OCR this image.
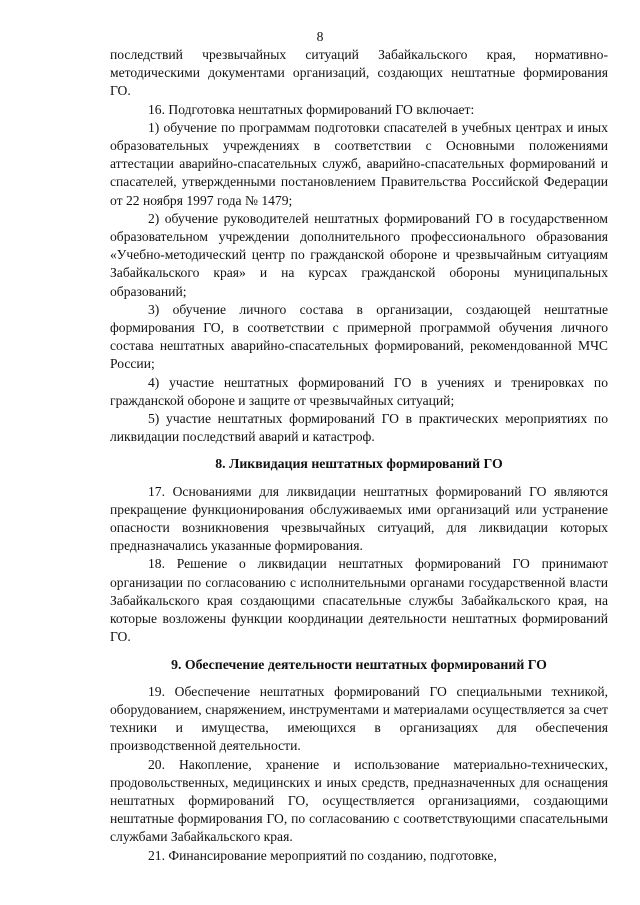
8

последствий чрезвычайных ситуаций Забайкальского края, нормативно-методическими документами организаций, создающих нештатные формирования ГО.

16. Подготовка нештатных формирований ГО включает:

1) обучение по программам подготовки спасателей в учебных центрах и иных образовательных учреждениях в соответствии с Основными положениями аттестации аварийно-спасательных служб, аварийно-спасательных формирований и спасателей, утвержденными постановлением Правительства Российской Федерации от 22 ноября 1997 года № 1479;

2) обучение руководителей нештатных формирований ГО в государственном образовательном учреждении дополнительного профессионального образования «Учебно-методический центр по гражданской обороне и чрезвычайным ситуациям Забайкальского края» и на курсах гражданской обороны муниципальных образований;

3) обучение личного состава в организации, создающей нештатные формирования ГО, в соответствии с примерной программой обучения личного состава нештатных аварийно-спасательных формирований, рекомендованной МЧС России;

4) участие нештатных формирований ГО в учениях и тренировках по гражданской обороне и защите от чрезвычайных ситуаций;

5) участие нештатных формирований ГО в практических мероприятиях по ликвидации последствий аварий и катастроф.

8. Ликвидация нештатных формирований ГО

17. Основаниями для ликвидации нештатных формирований ГО являются прекращение функционирования обслуживаемых ими организаций или устранение опасности возникновения чрезвычайных ситуаций, для ликвидации которых предназначались указанные формирования.

18. Решение о ликвидации нештатных формирований ГО принимают организации по согласованию с исполнительными органами государственной власти Забайкальского края создающими спасательные службы Забайкальского края, на которые возложены функции координации деятельности нештатных формирований ГО.

9. Обеспечение деятельности нештатных формирований ГО

19. Обеспечение нештатных формирований ГО специальными техникой, оборудованием, снаряжением, инструментами и материалами осуществляется за счет техники и имущества, имеющихся в организациях для обеспечения производственной деятельности.

20. Накопление, хранение и использование материально-технических, продовольственных, медицинских и иных средств, предназначенных для оснащения нештатных формирований ГО, осуществляется организациями, создающими нештатные формирования ГО, по согласованию с соответствующими спасательными службами Забайкальского края.

21. Финансирование мероприятий по созданию, подготовке,
